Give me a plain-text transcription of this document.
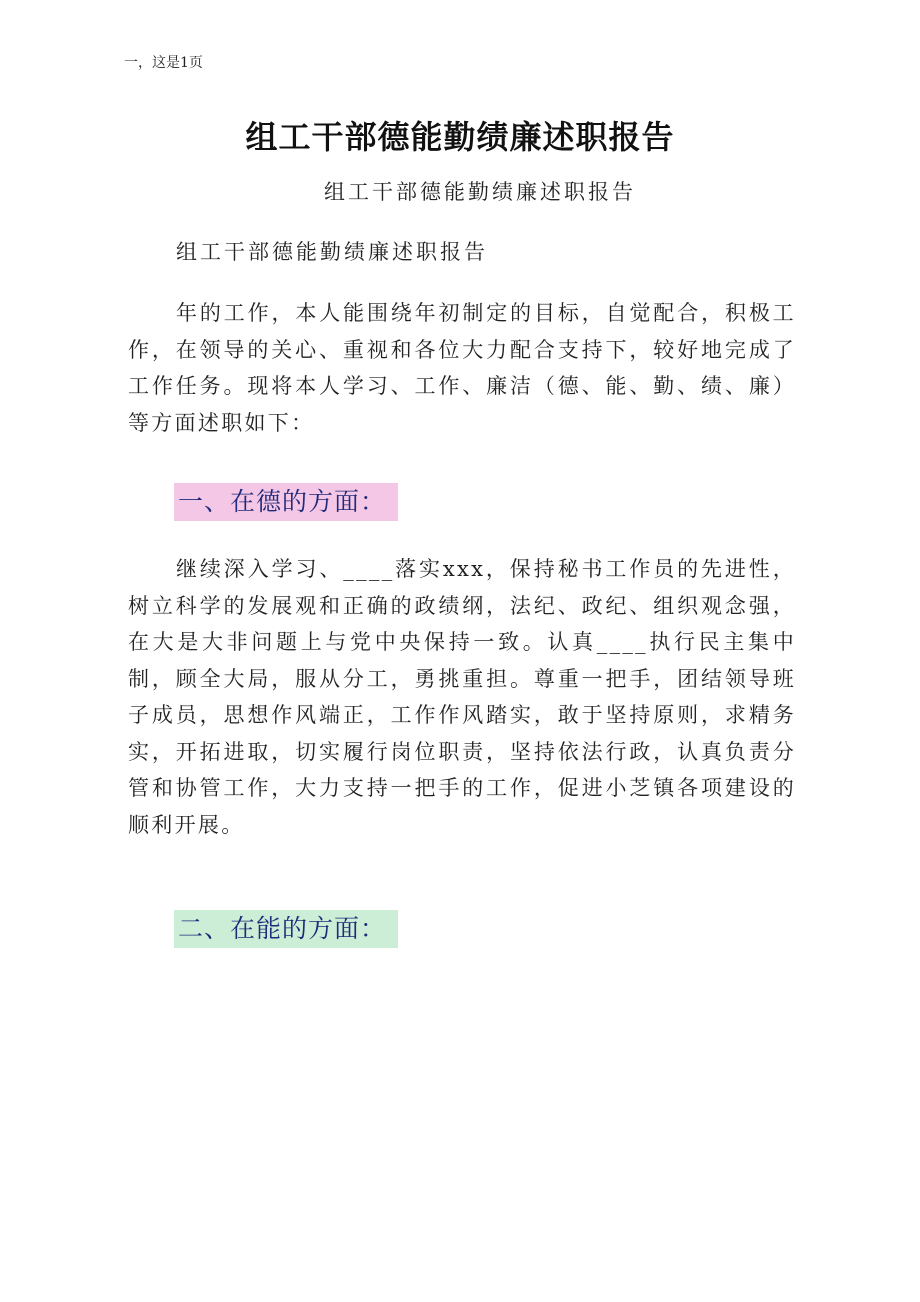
一，这是1页
组工干部德能勤绩廉述职报告
组工干部德能勤绩廉述职报告
组工干部德能勤绩廉述职报告
年的工作，本人能围绕年初制定的目标，自觉配合，积极工作，在领导的关心、重视和各位大力配合支持下，较好地完成了工作任务。现将本人学习、工作、廉洁（德、能、勤、绩、廉）等方面述职如下：
一、在德的方面：
继续深入学习、____落实xxx，保持秘书工作员的先进性，树立科学的发展观和正确的政绩纲，法纪、政纪、组织观念强，在大是大非问题上与党中央保持一致。认真____执行民主集中制，顾全大局，服从分工，勇挑重担。尊重一把手，团结领导班子成员，思想作风端正，工作作风踏实，敢于坚持原则，求精务实，开拓进取，切实履行岗位职责，坚持依法行政，认真负责分管和协管工作，大力支持一把手的工作，促进小芝镇各项建设的顺利开展。
二、在能的方面：
